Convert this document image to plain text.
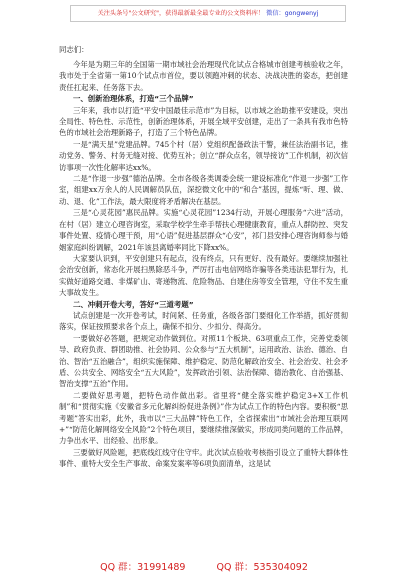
关注头条号"公文研究"，获得最新最全最专业的公文资料库！ 微信：gongwenyj
同志们：

今年是为期三年的全国第一期市域社会治理现代化试点合格城市创建考核验收之年，我市处于全省第一第10个试点市首位，要以领跑冲刺的状态、决战决胜的姿态，把创建责任扛起来、任务落下去。

一、创新治理体系，打造“三个品牌”

三年来，我市以打造“平安中国最佳示范市”为目标，以市域之治助推平安建设，突出全局性、特色性、示范性，创新治理体系，开展全域平安创建，走出了一条具有我市色特色的市域社会治理新路子，打造了三个特色品牌。

一是“满天星”党建品牌。745个村（居）党组织配备政法干警，兼任法治副书记，推动党务、警务、村务无缝对接、优势互补；创立“群众点名，领导接访”工作机制，初次信访事项一次性化解率达xx%。

二是“作退一步强”德治品牌。全市各级各类调委会统一建设标准化“作退一步强”工作室，组建xx万余人的人民调解员队伍，深挖微文化中的“和合”基因，提炼“听、理、做、动、退、化”工作法，最大限度将矛盾解决在基层。

三是“心灵花园”惠民品牌。实施“心灵花园”1234行动，开展心理服务“六进”活动，在村（居）建立心理咨询室，采取学校学生牵手帮扶心理健康教育，重点人群防控、突发事件处置、疫情心理干预，用“心语”促进基层群众“心安”，祁门县安排心理咨询师参与婚姻家庭纠纷调解，2021年该县离婚率同比下降xx%。

大家要认识到，平安创建只有起点，没有终点，只有更好、没有最好。要继续加强社会治安创新，常态化开展扫黑除恶斗争，严厉打击电信网络诈骗等各类违法犯罪行为，扎实做好道路交通、非煤矿山、寄递物流、危险物品、自建住房等安全管理，守住不发生重大事故发生。

二、冲刺开卷大考，答好“三道考题”

试点创建是一次开卷考试，时间紧、任务重，各级各部门要细化工作举措，抓好贯彻落实，保证按照要求各个点上，确保不扣分、少扣分、得高分。

一要做好必答题，把规定动作做到位。对照11个板块、63项重点工作，完善党委领导、政府负责、群团助推、社会协同、公众参与“五大机制”，运用政治、法治、德治、自治、智治“五治融合”，组织实施保障、维护稳定、防范化解政治安全、社会治安、社会矛盾、公共安全、网络安全“五大风险”，发挥政治引领、法治保障、德治教化、自治强基、智治支撑“五治”作用。

二要做好思考题，把特色动作做出彩。省里将“健全落实维护稳定3+X工作机制”和“贯彻实施《安徽省多元化解纠纷促进条例》”作为试点工作的特色内容。要积极“思考题”答实出彩，此外，我市以“三大品牌”特色工作，全省探索出“市域社会治理互联网+”“防范化解网络安全风险”2个特色项目，要继续推深做实，形成同类问题的工作品牌，力争出水平、出经验、出形象。

三要做好风险题，把底线红线守住守牢。此次试点验收考核指引设立了重特大群体性事件、重特大安全生产事故、命案发案率等6项负面清单，这是试

QQ 群：31991489	QQ 群：535304092
